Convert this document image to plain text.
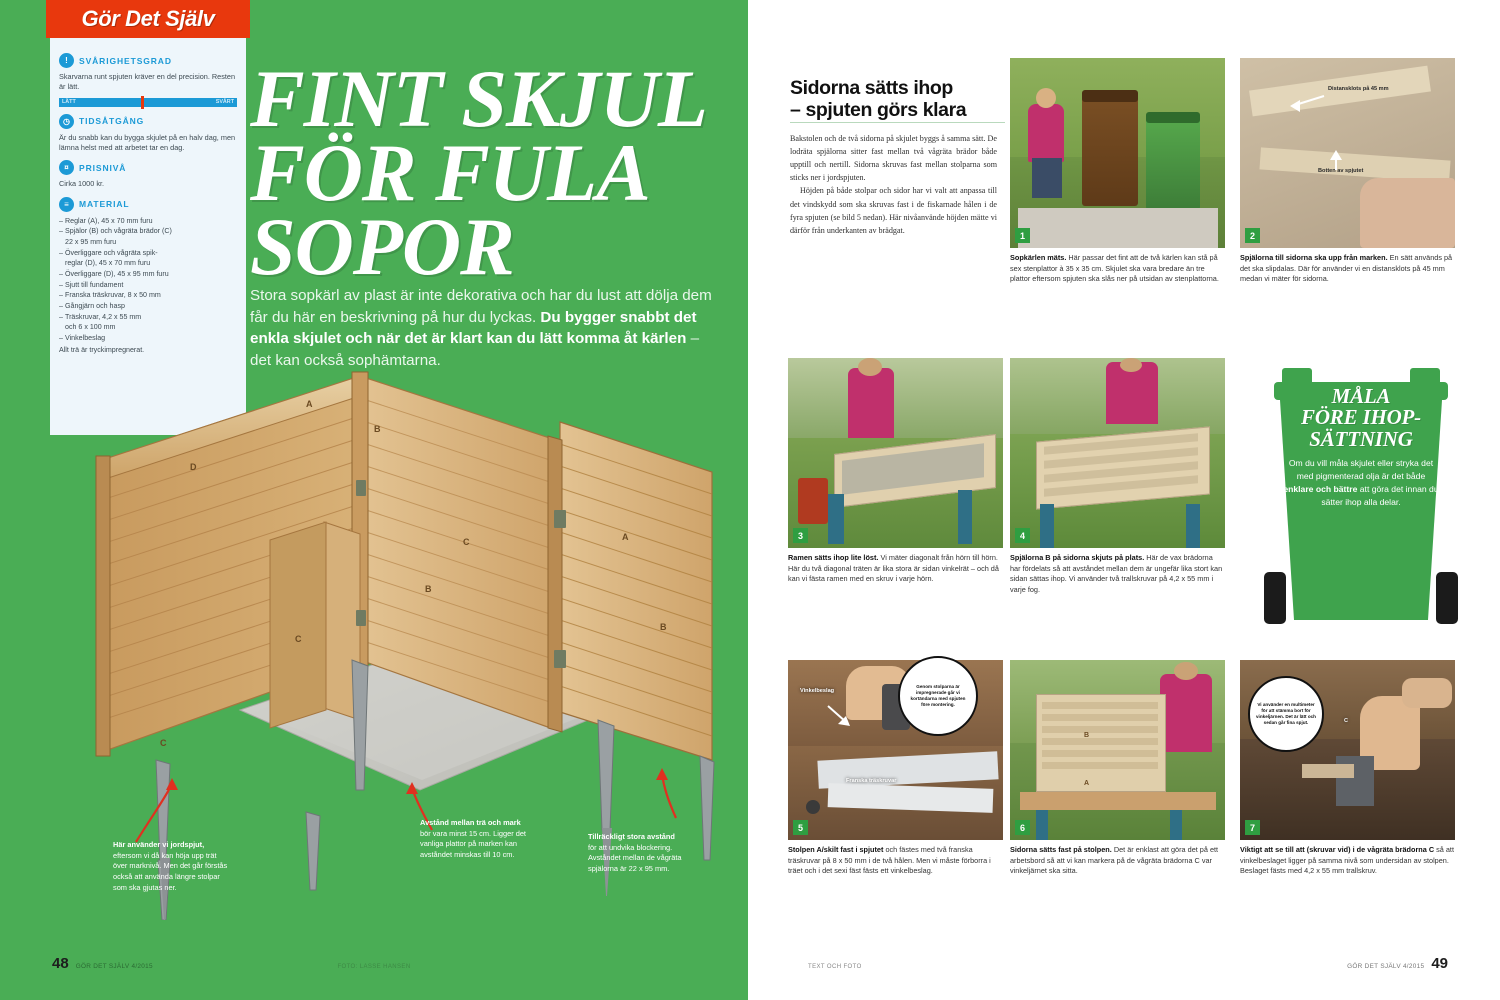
Gör Det Själv
!	SVÅRIGHETSGRAD

Skarvarna runt spjuten kräver en del precision. Resten är lätt.

LÄTT	SVÅRT
◷	TIDSÅTGÅNG

Är du snabb kan du bygga skjulet på en halv dag, men lämna helst med att arbetet tar en dag.

¤	PRISNIVÅ

Cirka 1000 kr.

≡	MATERIAL
– Reglar (A), 45 x 70 mm furu
– Spjälor (B) och vågräta brädor (C)
22 x 95 mm furu
– Överliggare och vågräta spik-
reglar (D), 45 x 70 mm furu
– Överliggare (D), 45 x 95 mm furu
– Sjutt till fundament
– Franska träskruvar, 8 x 50 mm
– Gångjärn och hasp
– Träskruvar, 4,2 x 55 mm
och 6 x 100 mm
– Vinkelbeslag
Allt trä är tryckimpregnerat.
FINT SKJUL
FÖR FULA
SOPOR
Stora sopkärl av plast är inte dekorativa och har du lust att dölja dem får du här en beskrivning på hur du lyckas. Du bygger snabbt det enkla skjulet och när det är klart kan du lätt komma åt kärlen – det kan också sophämtarna.
A
B
D
C	A
B
C
C
B
Här använder vi jordspjut,
eftersom vi då kan höja upp trät över marknivå. Men det går förstås också att använda längre stolpar som ska gjutas ner.
Avstånd mellan trä och mark
bör vara minst 15 cm. Ligger det vanliga plattor på marken kan avståndet minskas till 10 cm.
Tillräckligt stora avstånd
för att undvika blockering. Avståndet mellan de vågräta spjälorna är 22 x 95 mm.
48 GÖR DET SJÄLV 4/2015	FOTO: LASSE HANSEN
Sidorna sätts ihop
– spjuten görs klara

Bakstolen och de två sidorna på skjulet byggs å samma sätt. De lodräta spjälorna sitter fast mellan två vågräta brädor både upptill och nertill. Sidorna skruvas fast mellan stolparna som sticks ner i jordspjuten.

Höjden på både stolpar och sidor har vi valt att anpassa till det vindskydd som ska skruvas fast i de fiskarnade hålen i de fyra spjuten (se bild 5 nedan). Här nivåanvände höjden mätte vi därför från underkanten av brädgat.

1
Sopkärlen mäts. Här passar det fint att de två kärlen kan stå på sex stenplattor à 35 x 35 cm. Skjulet ska vara bredare än tre plattor eftersom spjuten ska slås ner på utsidan av stenplattorna.
Distansklots på 45 mm
Botten av spjutet
2
Spjälorna till sidorna ska upp från marken. En sätt används på det ska slipdalas. Där för använder vi en distansklots på 45 mm medan vi mäter för sidorna.
3
Ramen sätts ihop lite löst. Vi mäter diagonalt från hörn till hörn. Här du två diagonal träten är lika stora är sidan vinkelrät – och då kan vi fästa ramen med en skruv i varje hörn.
4
Spjälorna B på sidorna skjuts på plats. Här de vax brädorna har fördelats så att avståndet mellan dem är ungefär lika stort kan sidan sättas ihop. Vi använder två trallskruvar på 4,2 x 55 mm i varje fog.
MÅLA
FÖRE IHOP-
SÄTTNING
Om du vill måla skjulet eller stryka det med pigmenterad olja är det både enklare och bättre att göra det innan du sätter ihop alla delar.
Vinkelbeslag
Franska träskruvar
5
Stolpen A/skilt fast i spjutet och fästes med två franska träskruvar på 8 x 50 mm i de två hålen. Men vi måste förborra i träet och i det sexi fäst fästs ett vinkelbeslag.
Genom stolparna är impregnerade går vi kortändarna med spjuten före montering.
B
A
6
Sidorna sätts fast på stolpen. Det är enklast att göra det på ett arbetsbord så att vi kan markera på de vågräta brädorna C var vinkeljärnet ska sitta.
C
7
Viktigt att se till att (skruvar vid) i de vågräta brädorna C så att vinkelbeslaget ligger på samma nivå som undersidan av stolpen. Beslaget fästs med 4,2 x 55 mm trallskruv.
Vi använder en multimeter för att stämma bort för vinkeljärnen. Det är lätt och sedan går fina spjut.
GÖR DET SJÄLV 4/2015 49
TEXT OCH FOTO
